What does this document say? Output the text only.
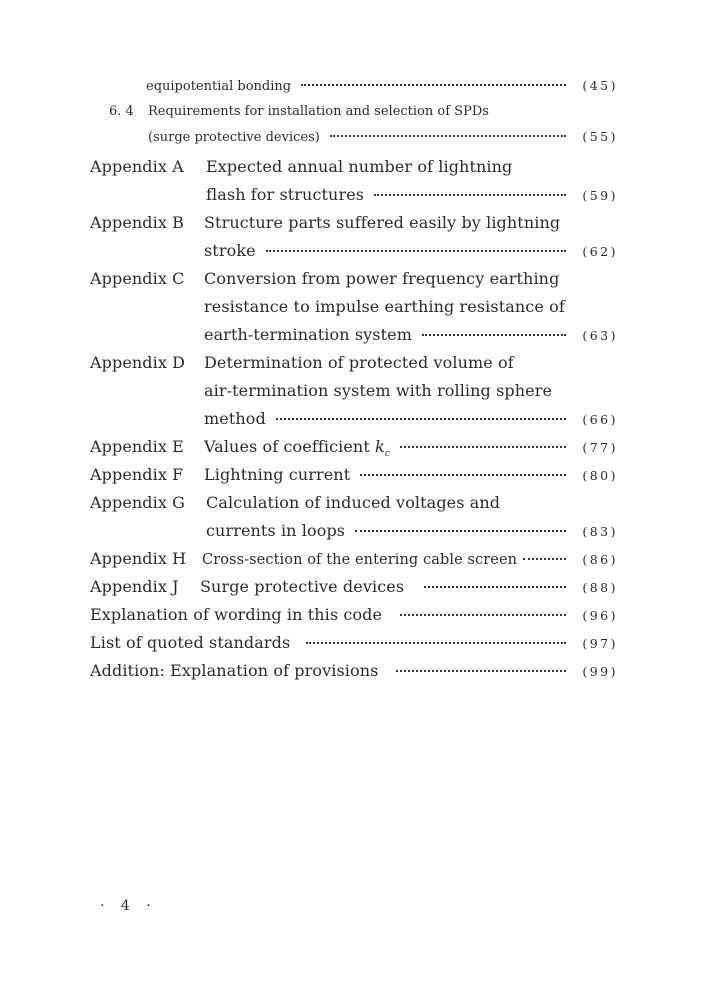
equipotential bonding	(45)
6. 4	Requirements for installation and selection of SPDs
(surge protective devices)	(55)
Appendix A	Expected annual number of lightning
flash for structures	(59)
Appendix B	Structure parts suffered easily by lightning
stroke	(62)
Appendix C	Conversion from power frequency earthing
resistance to impulse earthing resistance of
earth-termination system	(63)
Appendix D	Determination of protected volume of
air-termination system with rolling sphere
method	(66)
Appendix E	Values of coefficient $k_c$	(77)
Appendix F	Lightning current	(80)
Appendix G	Calculation of induced voltages and
currents in loops	(83)
Appendix H	Cross-section of the entering cable screen	(86)
Appendix J	Surge protective devices	(88)
Explanation of wording in this code	(96)
List of quoted standards	(97)
Addition: Explanation of provisions	(99)
· 4 ·
